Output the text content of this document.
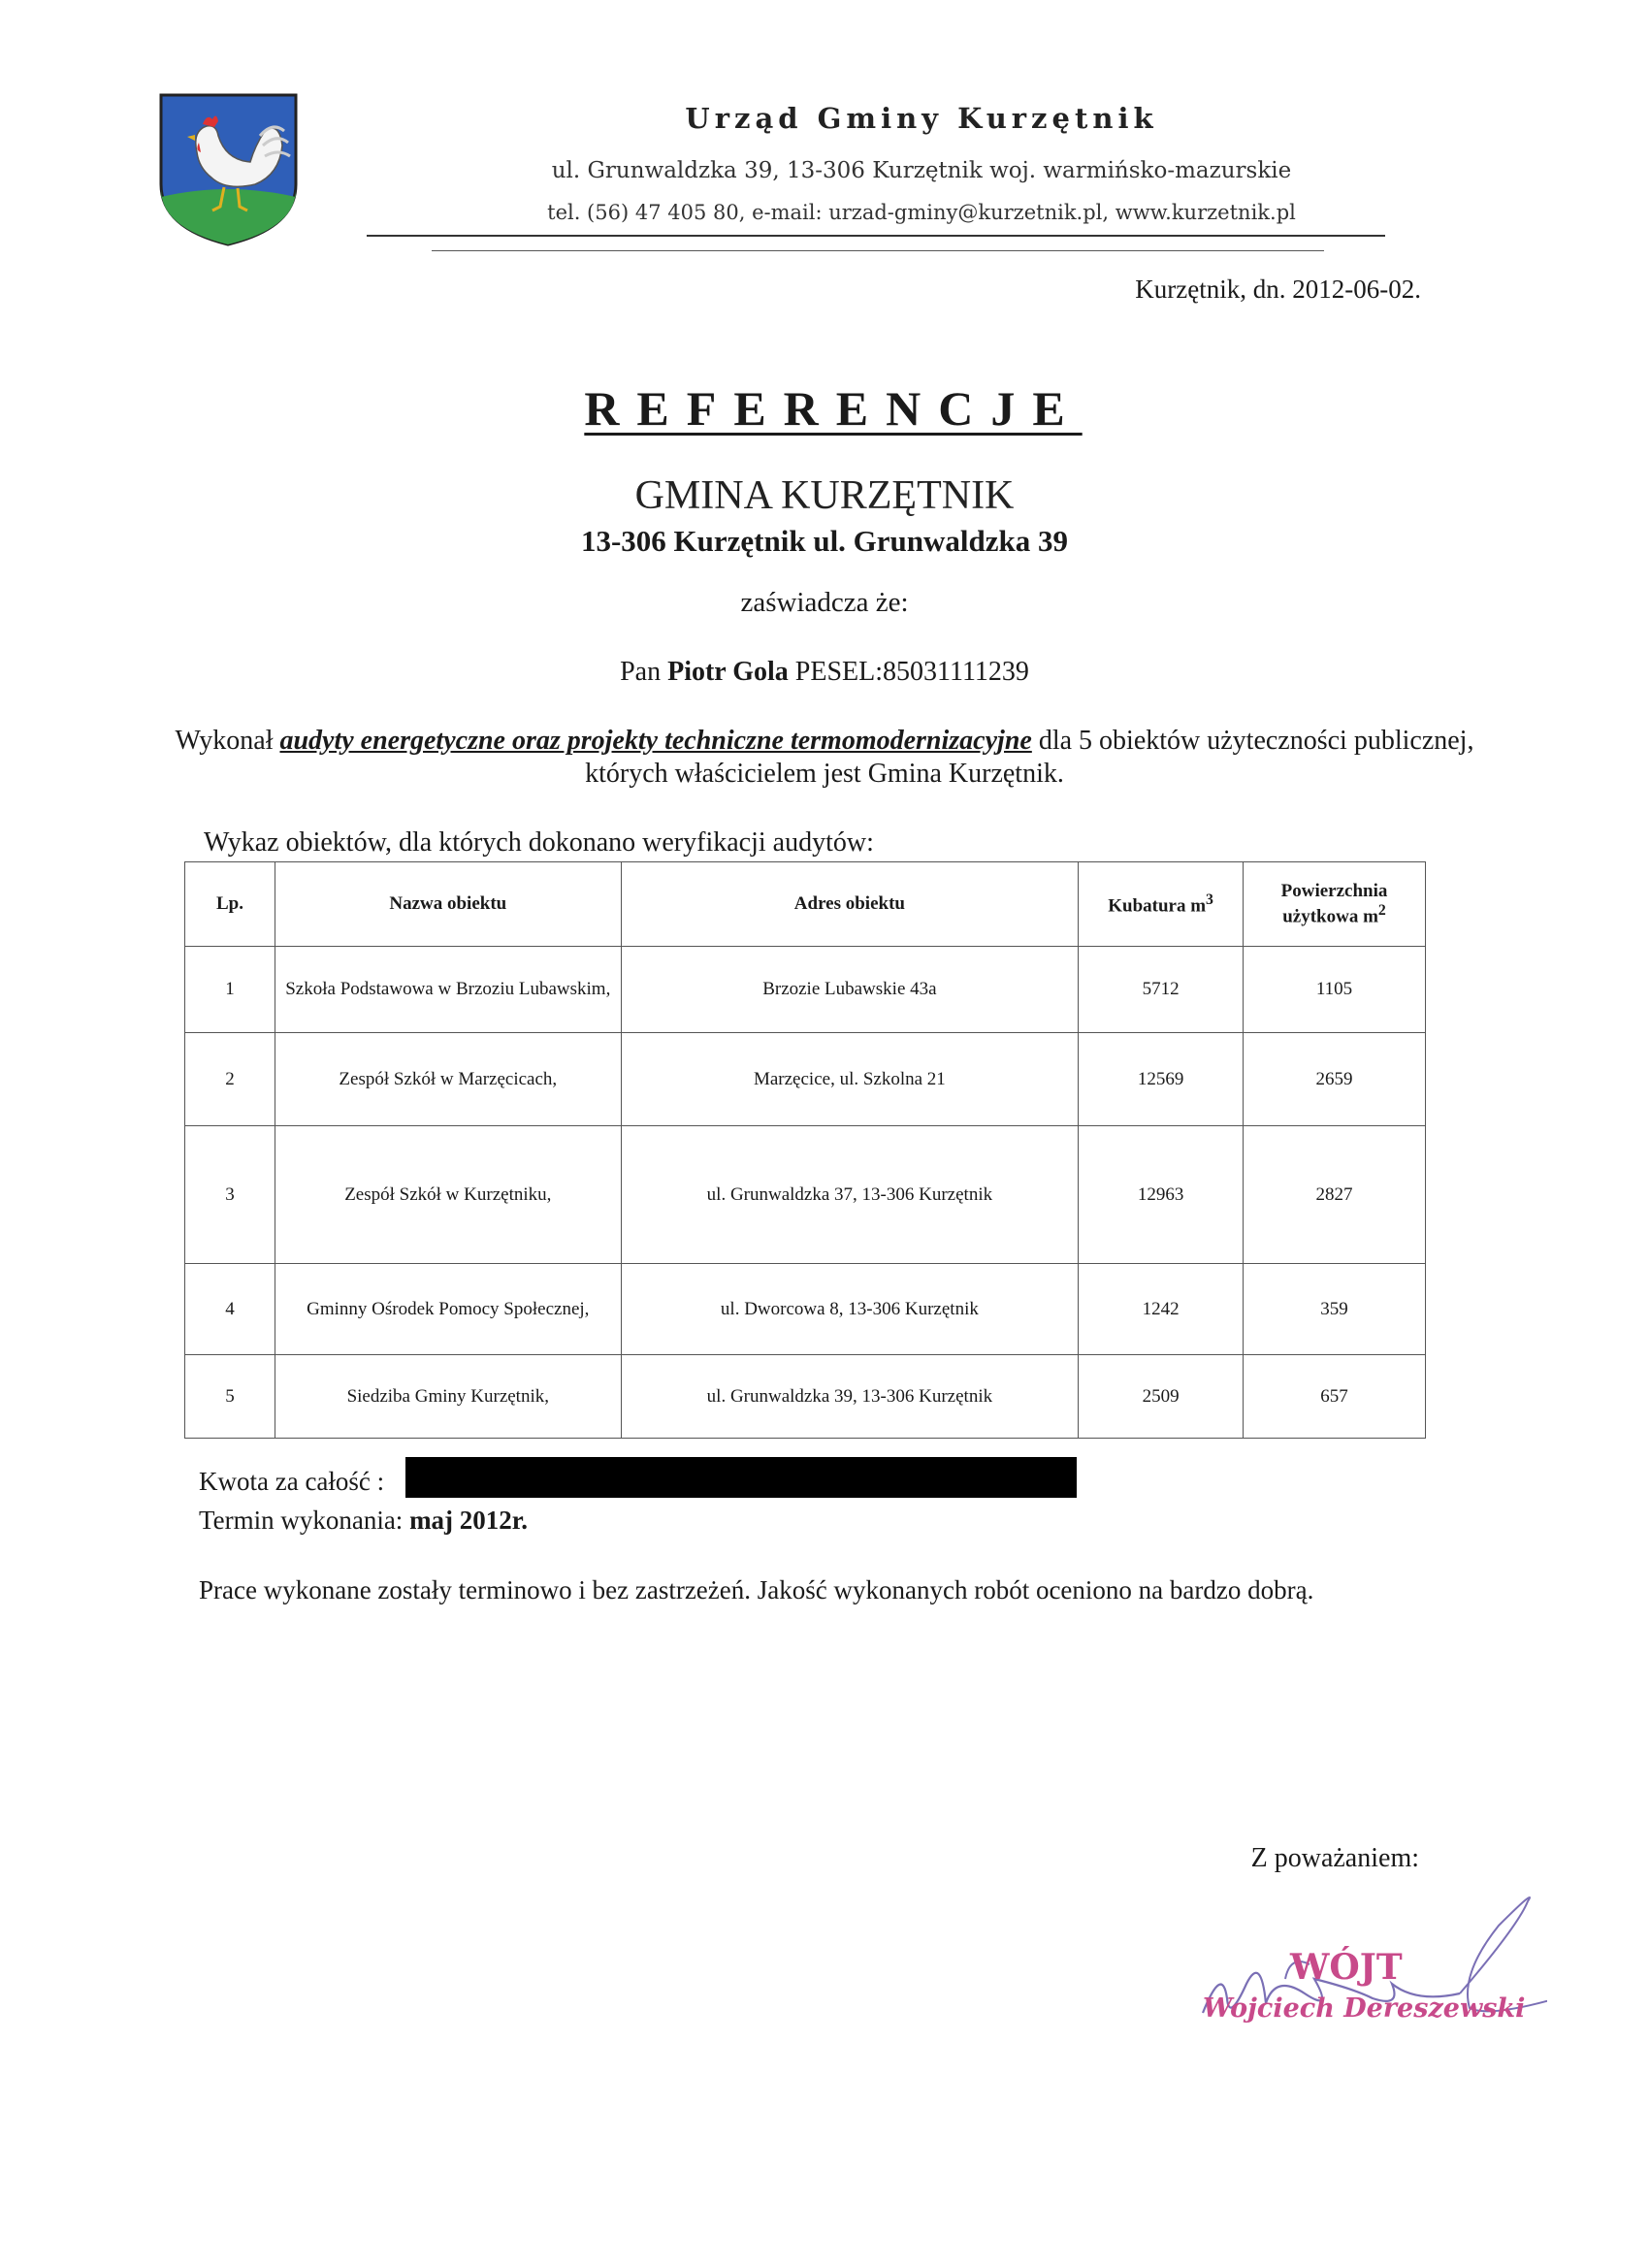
Urząd Gminy Kurzętnik
ul. Grunwaldzka 39, 13-306 Kurzętnik woj. warmińsko-mazurskie
tel. (56) 47 405 80, e-mail: urzad-gminy@kurzetnik.pl, www.kurzetnik.pl
Kurzętnik, dn. 2012-06-02.
REFERENCJE
GMINA KURZĘTNIK
13-306 Kurzętnik ul. Grunwaldzka 39
zaświadcza że:
Pan Piotr Gola PESEL:85031111239
Wykonał audyty energetyczne oraz projekty techniczne termomodernizacyjne dla 5 obiektów użyteczności publicznej, których właścicielem jest Gmina Kurzętnik.
Wykaz obiektów, dla których dokonano weryfikacji audytów:
Lp.	Nazwa obiektu	Adres obiektu	Kubatura $m^3$	Powierzchnia użytkowa $m^2$
1	Szkoła Podstawowa w Brzoziu Lubawskim,	Brzozie Lubawskie 43a	5712	1105
2	Zespół Szkół w Marzęcicach,	Marzęcice, ul. Szkolna 21	12569	2659
3	Zespół Szkół w Kurzętniku,	ul. Grunwaldzka 37, 13-306 Kurzętnik	12963	2827
4	Gminny Ośrodek Pomocy Społecznej,	ul. Dworcowa 8, 13-306 Kurzętnik	1242	359
5	Siedziba Gminy Kurzętnik,	ul. Grunwaldzka 39, 13-306 Kurzętnik	2509	657
Kwota za całość :
Termin wykonania: maj 2012r.
Prace wykonane zostały terminowo i bez zastrzeżeń. Jakość wykonanych robót oceniono na bardzo dobrą.
Z poważaniem:
WÓJT
Wojciech Dereszewski
